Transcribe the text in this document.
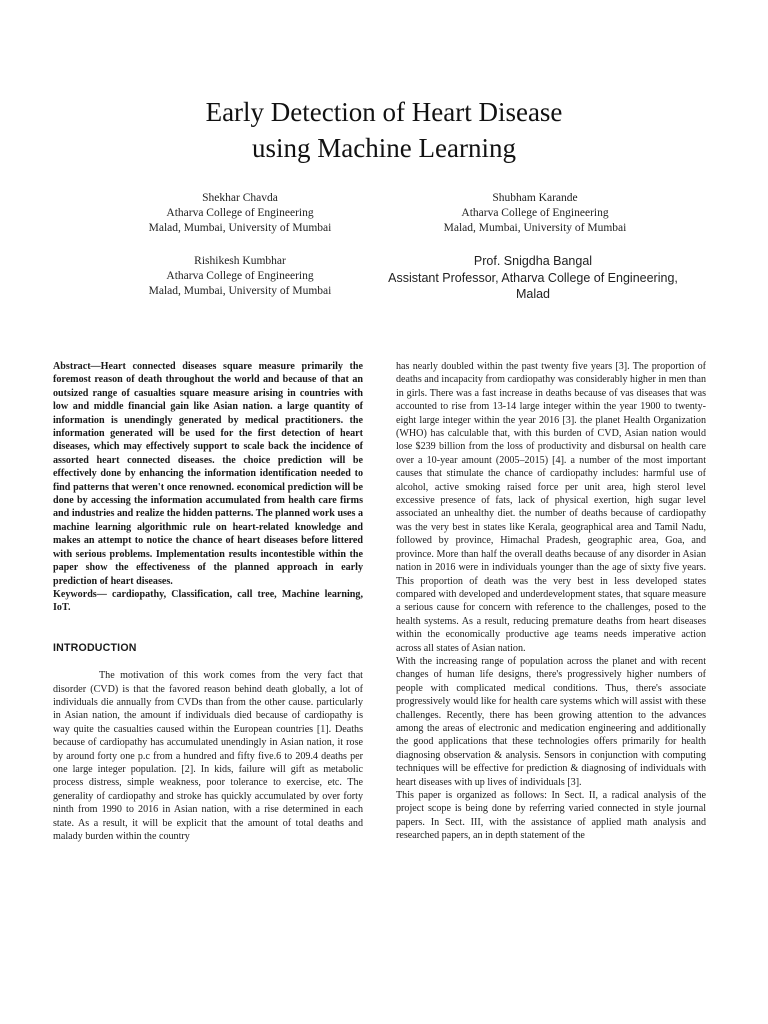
Early Detection of Heart Disease
using Machine Learning
Shekhar Chavda
Atharva College of Engineering
Malad, Mumbai, University of Mumbai
Shubham Karande
Atharva College of Engineering
Malad, Mumbai, University of Mumbai
Rishikesh Kumbhar
Atharva College of Engineering
Malad, Mumbai, University of Mumbai
Prof. Snigdha Bangal
Assistant Professor, Atharva College of Engineering,
Malad

Abstract—Heart connected diseases square measure primarily the foremost reason of death throughout the world and because of that an outsized range of casualties square measure arising in countries with low and middle financial gain like Asian nation. a large quantity of information is unendingly generated by medical practitioners. the information generated will be used for the first detection of heart diseases, which may effectively support to scale back the incidence of assorted heart connected diseases. the choice prediction will be effectively done by enhancing the information identification needed to find patterns that weren't once renowned. economical prediction will be done by accessing the information accumulated from health care firms and industries and realize the hidden patterns. The planned work uses a machine learning algorithmic rule on heart-related knowledge and makes an attempt to notice the chance of heart diseases before littered with serious problems. Implementation results incontestible within the paper show the effectiveness of the planned approach in early prediction of heart diseases.

Keywords— cardiopathy, Classification, call tree, Machine learning, IoT.

INTRODUCTION

The motivation of this work comes from the very fact that disorder (CVD) is that the favored reason behind death globally, a lot of individuals die annually from CVDs than from the other cause. particularly in Asian nation, the amount if individuals died because of cardiopathy is way quite the casualties caused within the European countries [1]. Deaths because of cardiopathy has accumulated unendingly in Asian nation, it rose by around forty one p.c from a hundred and fifty five.6 to 209.4 deaths per one large integer population. [2]. In kids, failure will gift as metabolic process distress, simple weakness, poor tolerance to exercise, etc. The generality of cardiopathy and stroke has quickly accumulated by over forty ninth from 1990 to 2016 in Asian nation, with a rise determined in each state. As a result, it will be explicit that the amount of total deaths and malady burden within the country

has nearly doubled within the past twenty five years [3]. The proportion of deaths and incapacity from cardiopathy was considerably higher in men than in girls. There was a fast increase in deaths because of vas diseases that was accounted to rise from 13-14 large integer within the year 1900 to twenty-eight large integer within the year 2016 [3]. the planet Health Organization (WHO) has calculable that, with this burden of CVD, Asian nation would lose $239 billion from the loss of productivity and disbursal on health care over a 10-year amount (2005–2015) [4]. a number of the most important causes that stimulate the chance of cardiopathy includes: harmful use of alcohol, active smoking raised force per unit area, high sterol level excessive presence of fats, lack of physical exertion, high sugar level associated an unhealthy diet. the number of deaths because of cardiopathy was the very best in states like Kerala, geographical area and Tamil Nadu, followed by province, Himachal Pradesh, geographic area, Goa, and province. More than half the overall deaths because of any disorder in Asian nation in 2016 were in individuals younger than the age of sixty five years. This proportion of death was the very best in less developed states compared with developed and underdevelopment states, that square measure a serious cause for concern with reference to the challenges, posed to the health systems. As a result, reducing premature deaths from heart diseases within the economically productive age teams needs imperative action across all states of Asian nation.

With the increasing range of population across the planet and with recent changes of human life designs, there's progressively higher numbers of people with complicated medical conditions. Thus, there's associate progressively would like for health care systems which will assist with these challenges. Recently, there has been growing attention to the advances among the areas of electronic and medication engineering and additionally the good applications that these technologies offers primarily for health diagnosing observation & analysis. Sensors in conjunction with computing techniques will be effective for prediction & diagnosing of individuals with heart diseases with up lives of individuals [3].

This paper is organized as follows: In Sect. II, a radical analysis of the project scope is being done by referring varied connected in style journal papers. In Sect. III, with the assistance of applied math analysis and researched papers, an in depth statement of the
